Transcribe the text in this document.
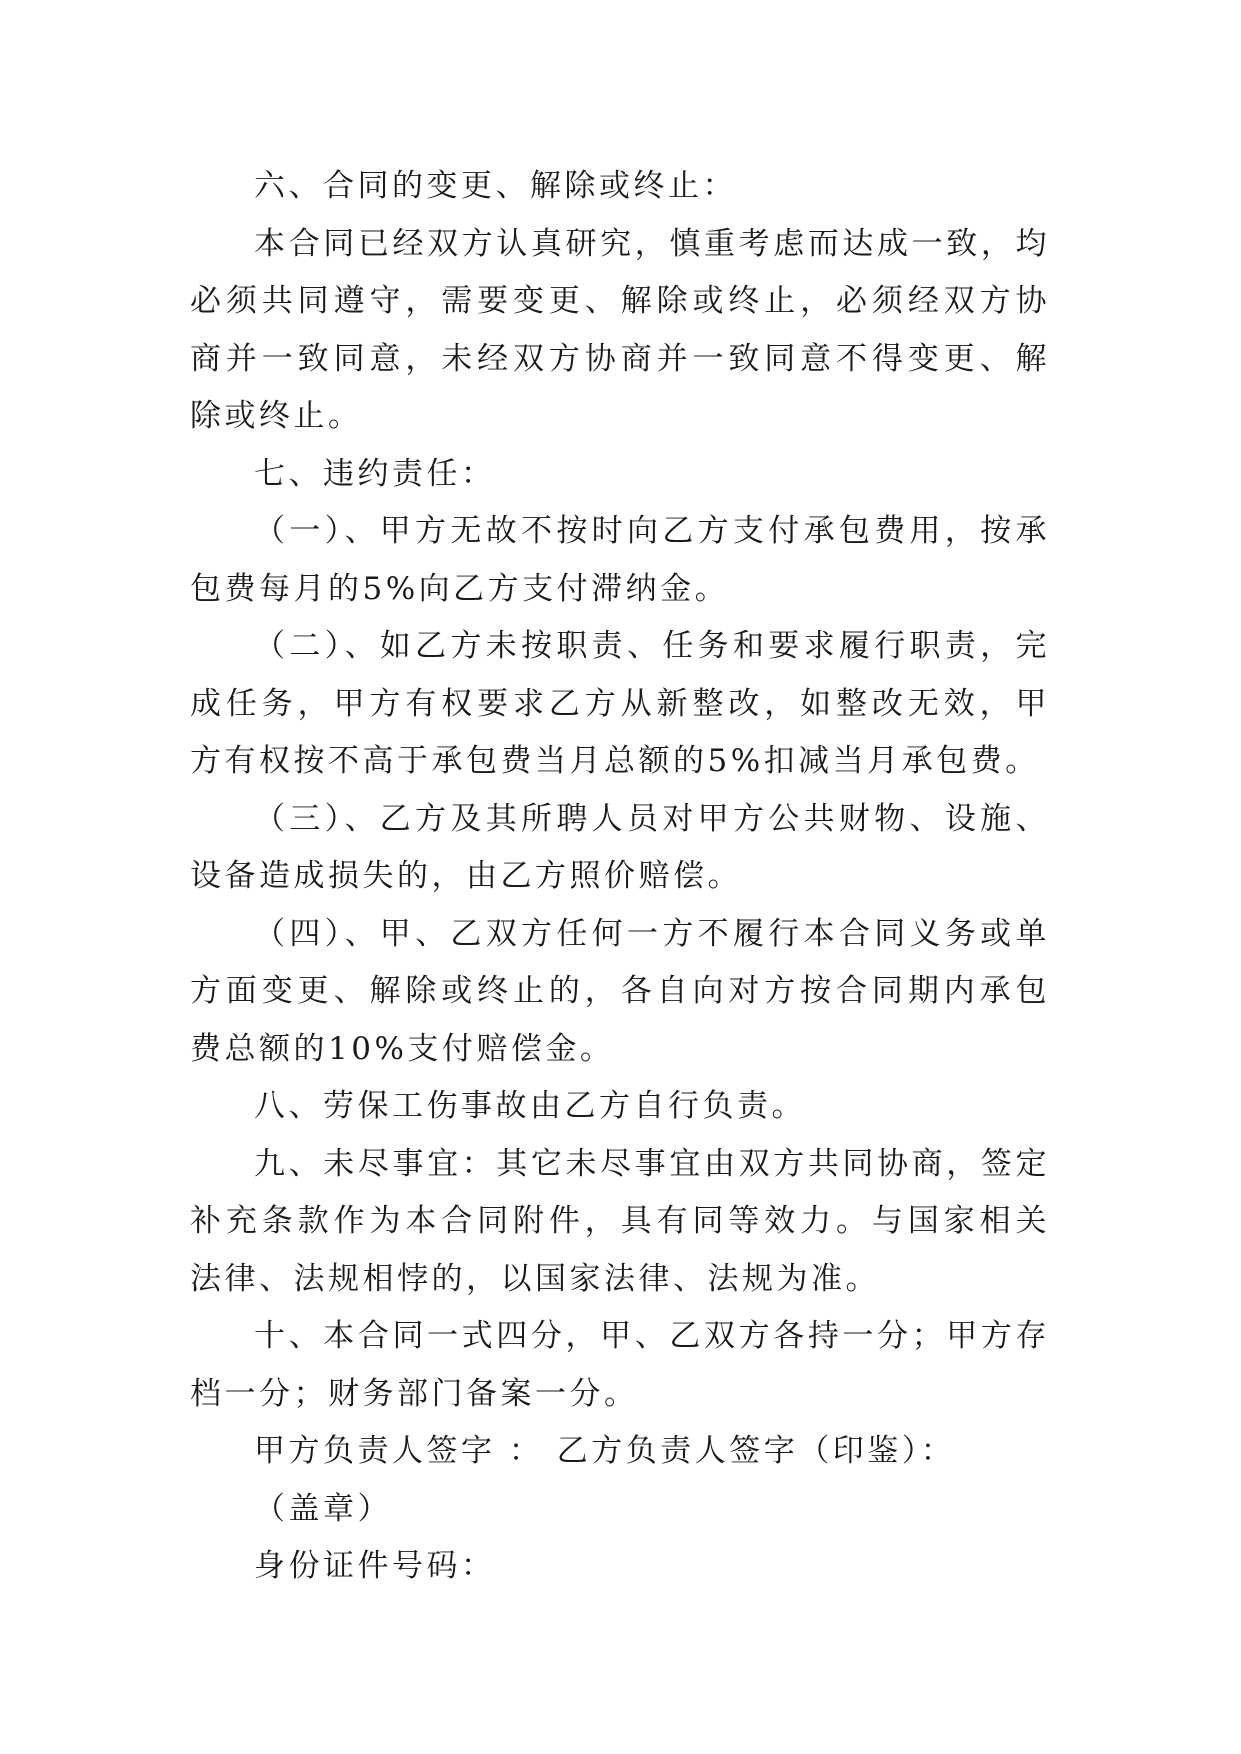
六、合同的变更、解除或终止：

本合同已经双方认真研究，慎重考虑而达成一致，均必须共同遵守，需要变更、解除或终止，必须经双方协商并一致同意，未经双方协商并一致同意不得变更、解除或终止。

七、违约责任：

（一）、甲方无故不按时向乙方支付承包费用，按承包费每月的5%向乙方支付滞纳金。

（二）、如乙方未按职责、任务和要求履行职责，完成任务，甲方有权要求乙方从新整改，如整改无效，甲方有权按不高于承包费当月总额的5%扣减当月承包费。

（三）、乙方及其所聘人员对甲方公共财物、设施、设备造成损失的，由乙方照价赔偿。

（四）、甲、乙双方任何一方不履行本合同义务或单方面变更、解除或终止的，各自向对方按合同期内承包费总额的10%支付赔偿金。

八、劳保工伤事故由乙方自行负责。

九、未尽事宜：其它未尽事宜由双方共同协商，签定补充条款作为本合同附件，具有同等效力。与国家相关法律、法规相悖的，以国家法律、法规为准。

十、本合同一式四分，甲、乙双方各持一分；甲方存档一分；财务部门备案一分。

甲方负责人签字 ： 乙方负责人签字（印鉴）：

（盖章）

身份证件号码：
